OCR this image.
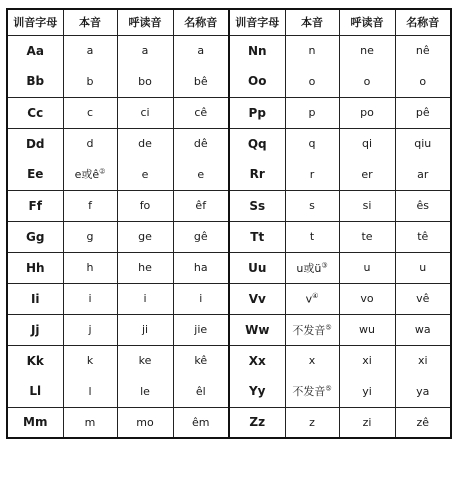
训音字母	本音	呼读音	名称音	训音字母	本音	呼读音	名称音
Aa	a	a	a	Nn	n	ne	nê
Bb	b	bo	bê	Oo	o	o	o
Cc	c	ci	cê	Pp	p	po	pê
Dd	d	de	dê	Qq	q	qi	qiu
Ee	e或ê②	e	e	Rr	r	er	ar
Ff	f	fo	êf	Ss	s	si	ês
Gg	g	ge	gê	Tt	t	te	tê
Hh	h	he	ha	Uu	u或ü③	u	u
Ii	i	i	i	Vv	v④	vo	vê
Jj	j	ji	jie	Ww	不发音⑤	wu	wa
Kk	k	ke	kê	Xx	x	xi	xi
Ll	l	le	êl	Yy	不发音⑤	yi	ya
Mm	m	mo	êm	Zz	z	zi	zê
